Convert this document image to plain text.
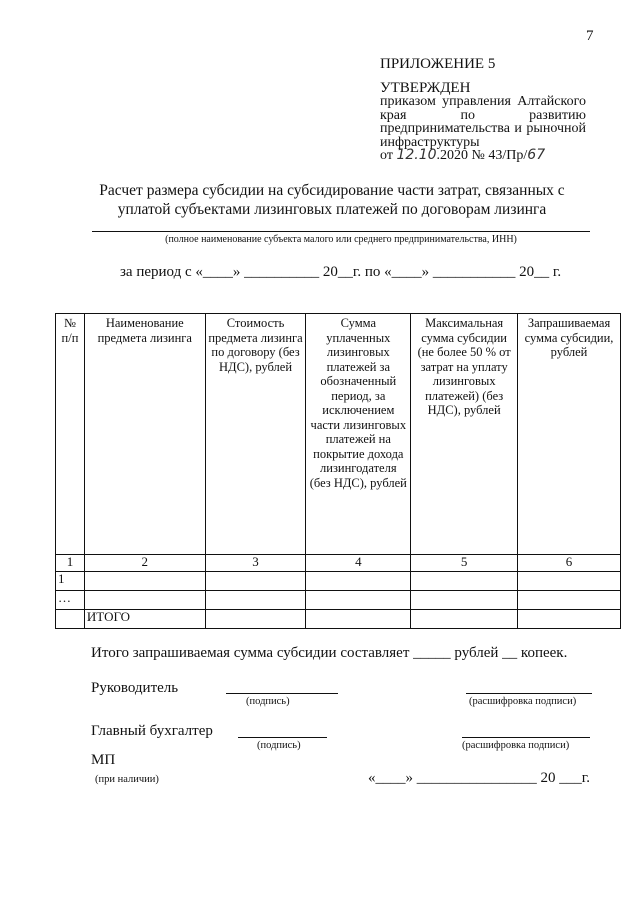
7
ПРИЛОЖЕНИЕ 5
УТВЕРЖДЕН
приказом управления Алтайского края по развитию предпринимательства и рыночной инфраструктуры
от 12.10.2020 № 43/Пр/67
Расчет размера субсидии на субсидирование части затрат, связанных с уплатой субъектами лизинговых платежей по договорам лизинга
(полное наименование субъекта малого или среднего предпринимательства, ИНН)
за период с «____» __________ 20__г. по «____» ___________ 20__ г.
№ п/п	Наименование предмета лизинга	Стоимость предмета лизинга по договору (без НДС), рублей	Сумма уплаченных лизинговых платежей за обозначенный период, за исключением части лизинговых платежей на покрытие дохода лизингодателя (без НДС), рублей	Максимальная сумма субсидии (не более 50 % от затрат на уплату лизинговых платежей) (без НДС), рублей	Запрашиваемая сумма субсидии, рублей
1	2	3	4	5	6
1					
…					
	ИТОГО				
Итого запрашиваемая сумма субсидии составляет _____ рублей __ копеек.
Руководитель
(подпись)	(расшифровка подписи)
Главный бухгалтер
(подпись)	(расшифровка подписи)
МП
(при наличии)	«____» ________________ 20 ___г.
